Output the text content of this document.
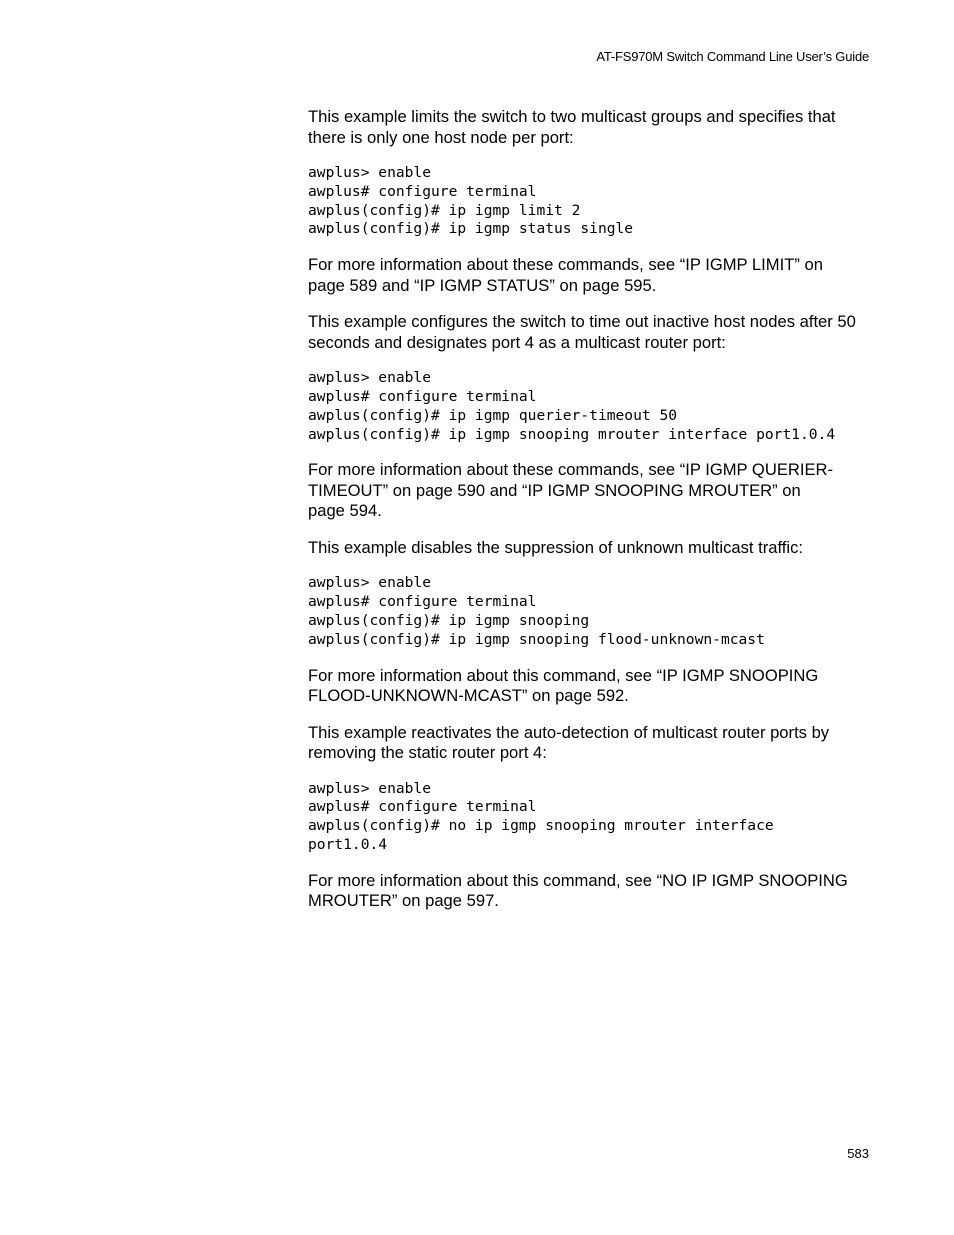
AT-FS970M Switch Command Line User’s Guide

This example limits the switch to two multicast groups and specifies that
there is only one host node per port:

awplus> enable
awplus# configure terminal
awplus(config)# ip igmp limit 2
awplus(config)# ip igmp status single

For more information about these commands, see “IP IGMP LIMIT” on
page 589 and “IP IGMP STATUS” on page 595.

This example configures the switch to time out inactive host nodes after 50
seconds and designates port 4 as a multicast router port:

awplus> enable
awplus# configure terminal
awplus(config)# ip igmp querier-timeout 50
awplus(config)# ip igmp snooping mrouter interface port1.0.4

For more information about these commands, see “IP IGMP QUERIER-
TIMEOUT” on page 590 and “IP IGMP SNOOPING MROUTER” on
page 594.

This example disables the suppression of unknown multicast traffic:

awplus> enable
awplus# configure terminal
awplus(config)# ip igmp snooping
awplus(config)# ip igmp snooping flood-unknown-mcast

For more information about this command, see “IP IGMP SNOOPING
FLOOD-UNKNOWN-MCAST” on page 592.

This example reactivates the auto-detection of multicast router ports by
removing the static router port 4:

awplus> enable
awplus# configure terminal
awplus(config)# no ip igmp snooping mrouter interface
port1.0.4

For more information about this command, see “NO IP IGMP SNOOPING
MROUTER” on page 597.

583
